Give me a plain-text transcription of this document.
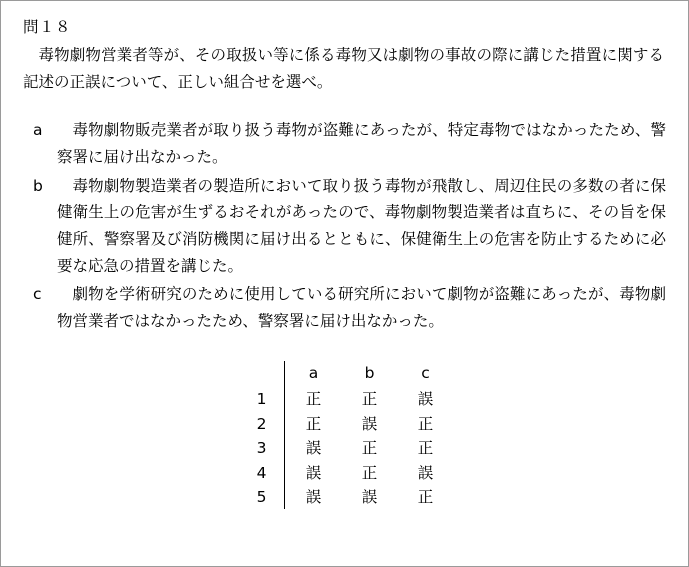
問１８
毒物劇物営業者等が、その取扱い等に係る毒物又は劇物の事故の際に講じた措置に関する記述の正誤について、正しい組合せを選べ。
a	毒物劇物販売業者が取り扱う毒物が盗難にあったが、特定毒物ではなかったため、警察署に届け出なかった。
b	毒物劇物製造業者の製造所において取り扱う毒物が飛散し、周辺住民の多数の者に保健衛生上の危害が生ずるおそれがあったので、毒物劇物製造業者は直ちに、その旨を保健所、警察署及び消防機関に届け出るとともに、保健衛生上の危害を防止するために必要な応急の措置を講じた。
c	劇物を学術研究のために使用している研究所において劇物が盗難にあったが、毒物劇物営業者ではなかったため、警察署に届け出なかった。
		a	b	c
1		正	正	誤
2		正	誤	正
3		誤	正	正
4		誤	正	誤
5		誤	誤	正
